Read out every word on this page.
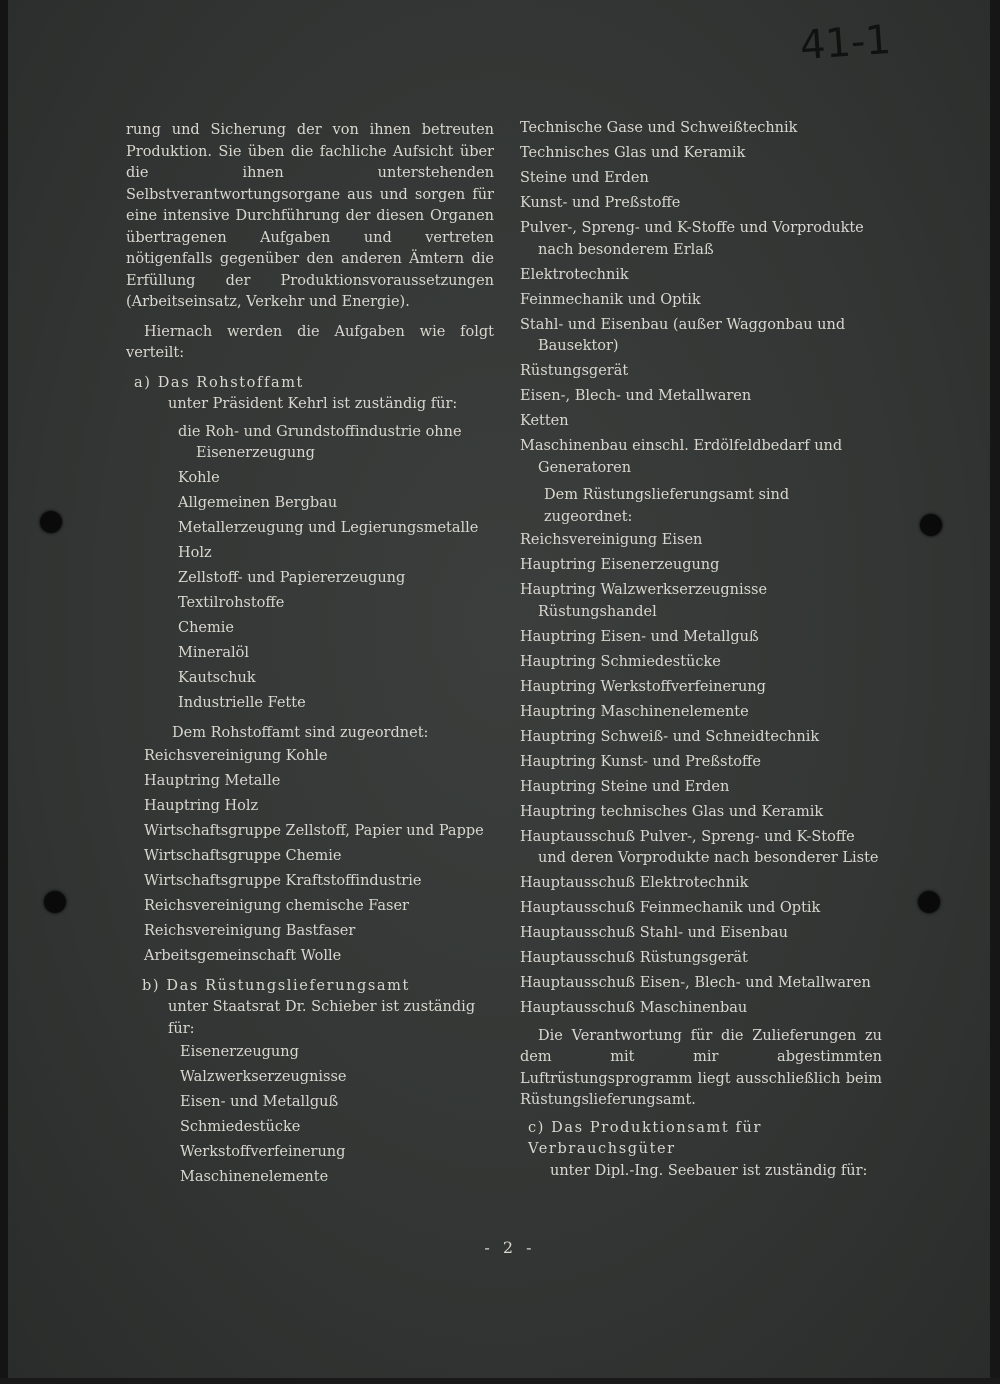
41-1

rung und Sicherung der von ihnen betreuten Produktion. Sie üben die fachliche Aufsicht über die ihnen unterstehenden Selbstverantwortungsorgane aus und sorgen für eine intensive Durchführung der diesen Organen übertragenen Aufgaben und vertreten nötigenfalls gegenüber den anderen Ämtern die Erfüllung der Produktionsvoraussetzungen (Arbeitseinsatz, Verkehr und Energie).

Hiernach werden die Aufgaben wie folgt verteilt:

a) Das Rohstoffamt
unter Präsident Kehrl ist zuständig für:
die Roh- und Grundstoffindustrie ohne Eisenerzeugung
Kohle
Allgemeinen Bergbau
Metallerzeugung und Legierungsmetalle
Holz
Zellstoff- und Papiererzeugung
Textilrohstoffe
Chemie
Mineralöl
Kautschuk
Industrielle Fette
Dem Rohstoffamt sind zugeordnet:
Reichsvereinigung Kohle
Hauptring Metalle
Hauptring Holz
Wirtschaftsgruppe Zellstoff, Papier und Pappe
Wirtschaftsgruppe Chemie
Wirtschaftsgruppe Kraftstoffindustrie
Reichsvereinigung chemische Faser
Reichsvereinigung Bastfaser
Arbeitsgemeinschaft Wolle
b) Das Rüstungslieferungsamt
unter Staatsrat Dr. Schieber ist zuständig für:
Eisenerzeugung
Walzwerkserzeugnisse
Eisen- und Metallguß
Schmiedestücke
Werkstoffverfeinerung
Maschinenelemente
Technische Gase und Schweißtechnik
Technisches Glas und Keramik
Steine und Erden
Kunst- und Preßstoffe
Pulver-, Spreng- und K-Stoffe und Vorprodukte nach besonderem Erlaß
Elektrotechnik
Feinmechanik und Optik
Stahl- und Eisenbau (außer Waggonbau und Bausektor)
Rüstungsgerät
Eisen-, Blech- und Metallwaren
Ketten
Maschinenbau einschl. Erdölfeldbedarf und Generatoren
Dem Rüstungslieferungsamt sind zugeordnet:
Reichsvereinigung Eisen
Hauptring Eisenerzeugung
Hauptring Walzwerkserzeugnisse Rüstungshandel
Hauptring Eisen- und Metallguß
Hauptring Schmiedestücke
Hauptring Werkstoffverfeinerung
Hauptring Maschinenelemente
Hauptring Schweiß- und Schneidtechnik
Hauptring Kunst- und Preßstoffe
Hauptring Steine und Erden
Hauptring technisches Glas und Keramik
Hauptausschuß Pulver-, Spreng- und K-Stoffe und deren Vorprodukte nach besonderer Liste
Hauptausschuß Elektrotechnik
Hauptausschuß Feinmechanik und Optik
Hauptausschuß Stahl- und Eisenbau
Hauptausschuß Rüstungsgerät
Hauptausschuß Eisen-, Blech- und Metallwaren
Hauptausschuß Maschinenbau

Die Verantwortung für die Zulieferungen zu dem mit mir abgestimmten Luftrüstungsprogramm liegt ausschließlich beim Rüstungslieferungsamt.

c) Das Produktionsamt für Verbrauchsgüter
unter Dipl.-Ing. Seebauer ist zuständig für:
- 2 -
